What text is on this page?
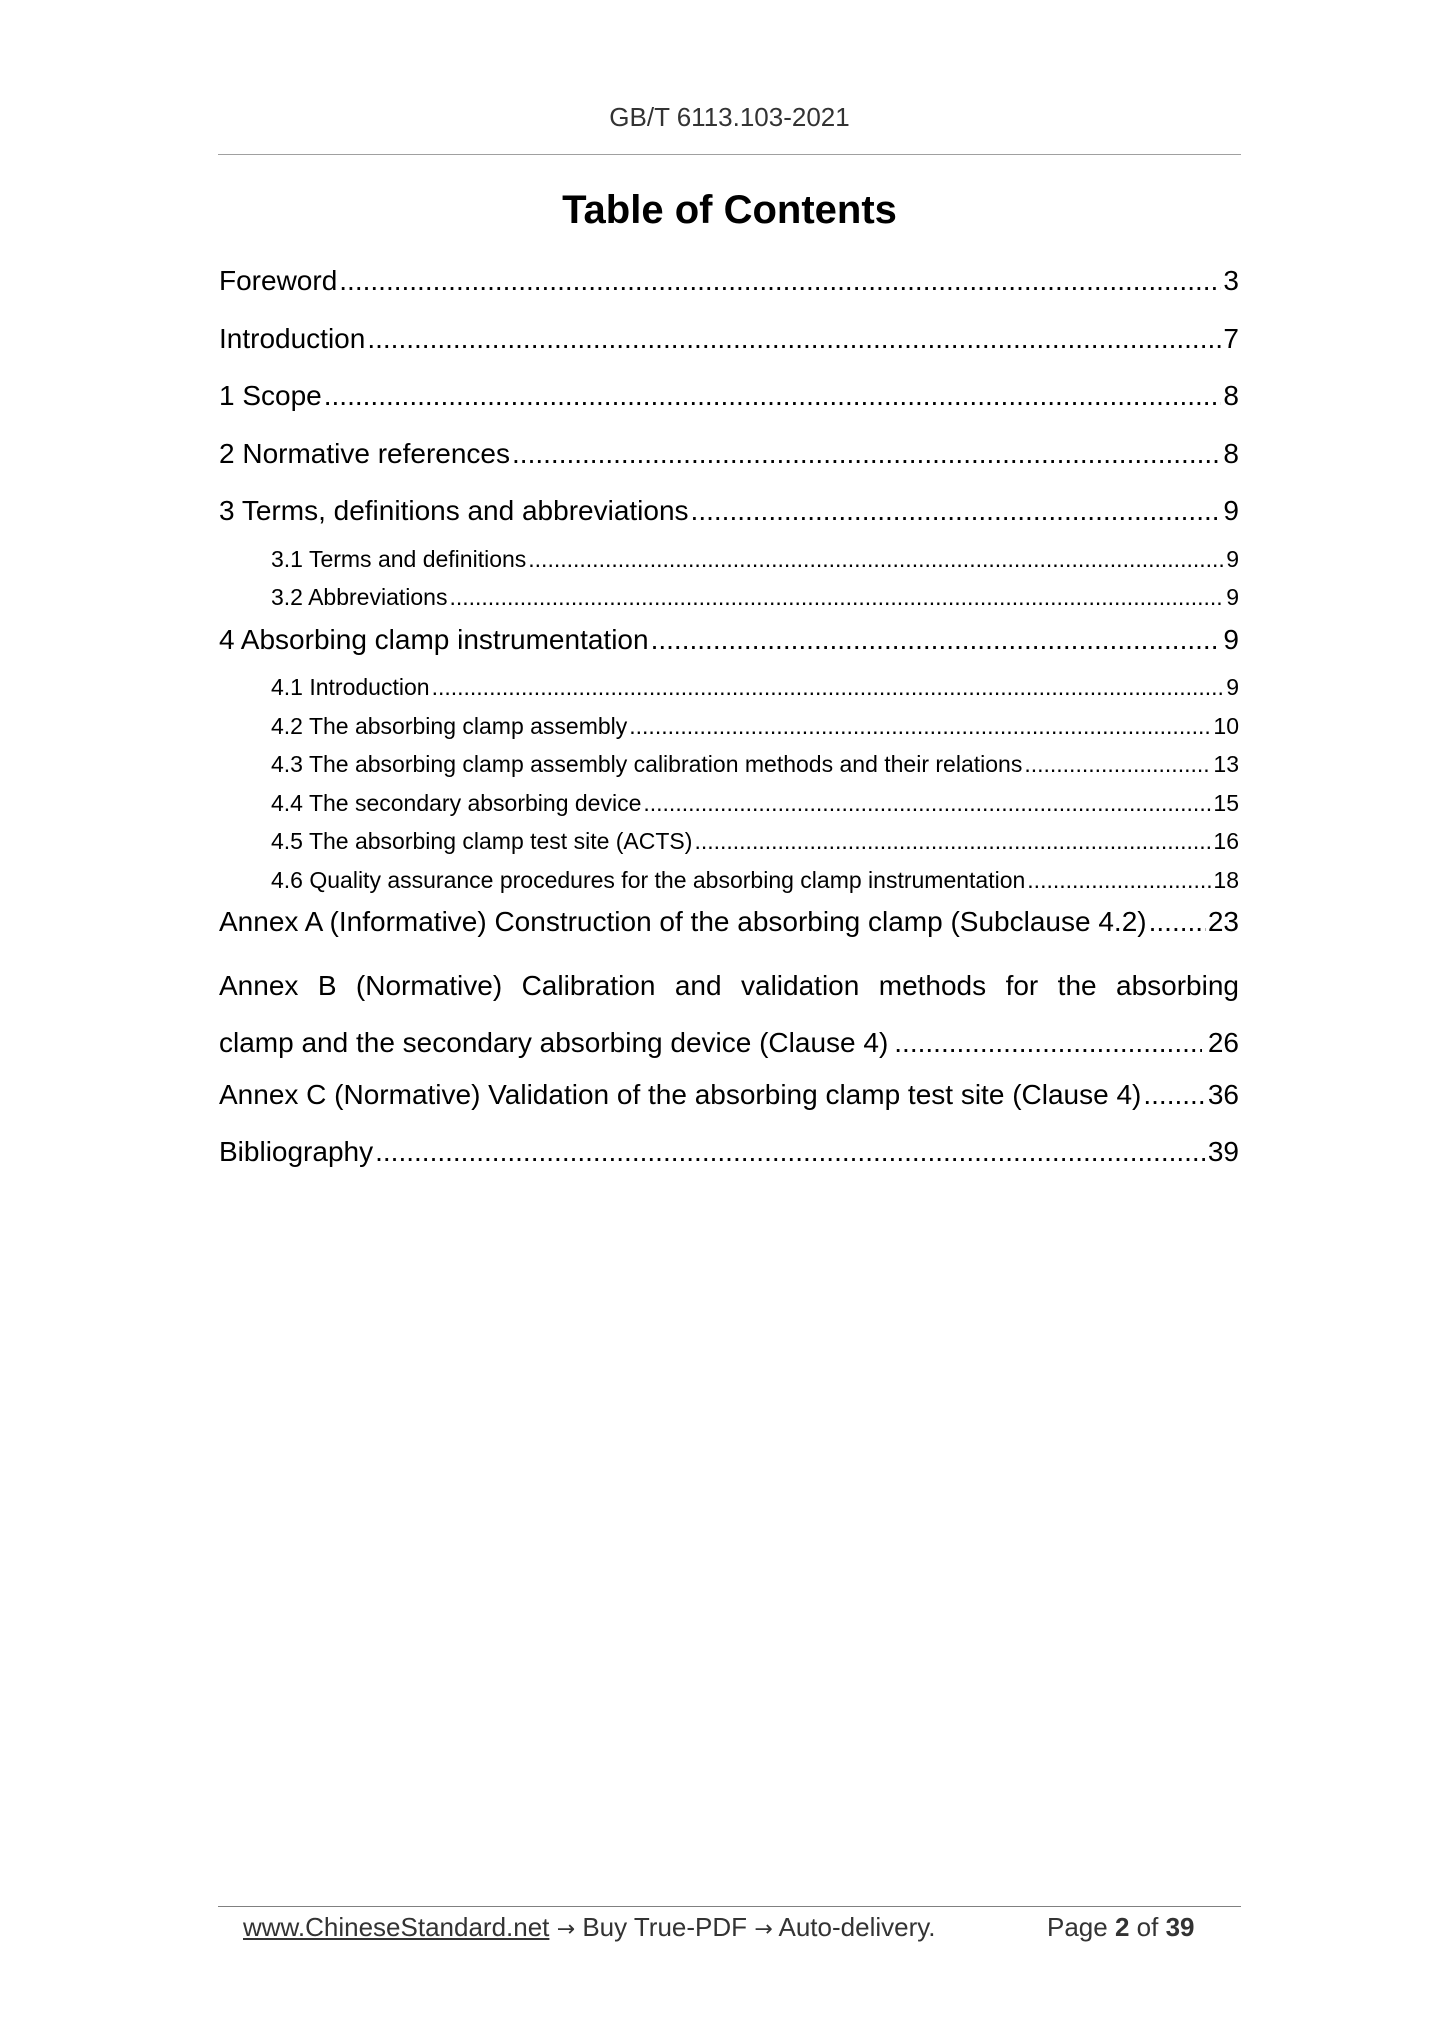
GB/T 6113.103-2021
Table of Contents
Foreword .....	3
Introduction .....	7
1 Scope .....	8
2 Normative references .....	8
3 Terms, definitions and abbreviations .....	9
3.1 Terms and definitions .....	9
3.2 Abbreviations .....	9
4 Absorbing clamp instrumentation .....	9
4.1 Introduction .....	9
4.2 The absorbing clamp assembly .....	10
4.3 The absorbing clamp assembly calibration methods and their relations .....	13
4.4 The secondary absorbing device .....	15
4.5 The absorbing clamp test site (ACTS) .....	16
4.6 Quality assurance procedures for the absorbing clamp instrumentation .....	18
Annex A (Informative) Construction of the absorbing clamp (Subclause 4.2) ..... 23
Annex B (Normative) Calibration and validation methods for the absorbing
clamp and the secondary absorbing device (Clause 4) .....	26
Annex C (Normative) Validation of the absorbing clamp test site (Clause 4) ..... 36
Bibliography .....	39
www.ChineseStandard.net → Buy True-PDF → Auto-delivery.	Page 2 of 39
